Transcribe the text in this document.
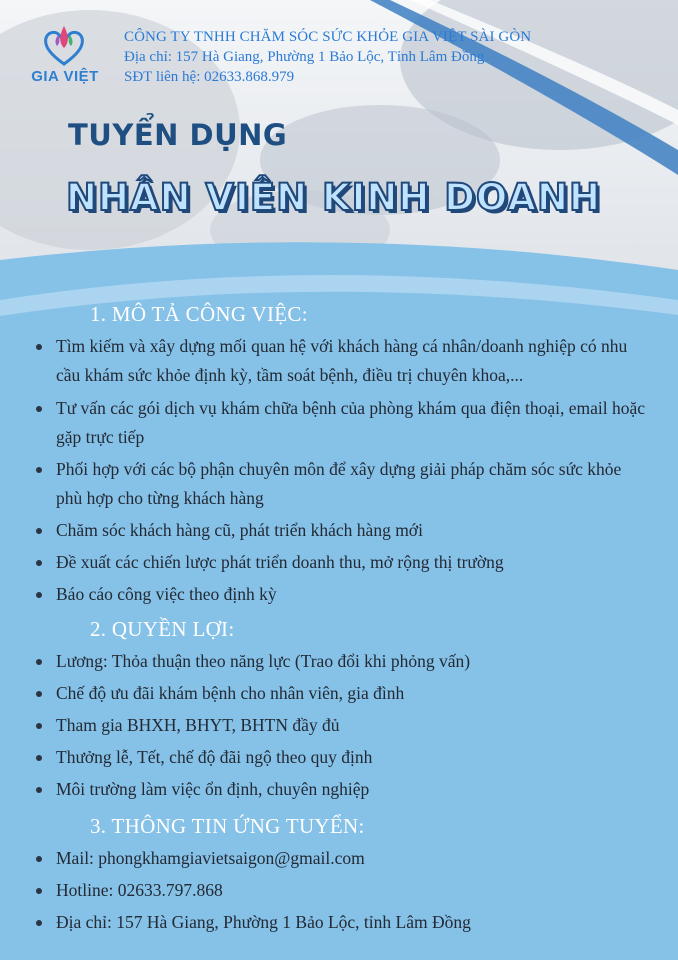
GIA VIỆT
CÔNG TY TNHH CHĂM SÓC SỨC KHỎE GIA VIỆT SÀI GÒN
Địa chỉ: 157 Hà Giang, Phường 1 Bảo Lộc, Tỉnh Lâm Đồng
SĐT liên hệ: 02633.868.979
TUYỂN DỤNG
NHÂN VIÊN KINH DOANH
1. MÔ TẢ CÔNG VIỆC:
Tìm kiếm và xây dựng mối quan hệ với khách hàng cá nhân/doanh nghiệp có nhu cầu khám sức khỏe định kỳ, tầm soát bệnh, điều trị chuyên khoa,...
Tư vấn các gói dịch vụ khám chữa bệnh của phòng khám qua điện thoại, email hoặc gặp trực tiếp
Phối hợp với các bộ phận chuyên môn để xây dựng giải pháp chăm sóc sức khỏe phù hợp cho từng khách hàng
Chăm sóc khách hàng cũ, phát triển khách hàng mới
Đề xuất các chiến lược phát triển doanh thu, mở rộng thị trường
Báo cáo công việc theo định kỳ
2. QUYỀN LỢI:
Lương: Thỏa thuận theo năng lực (Trao đổi khi phỏng vấn)
Chế độ ưu đãi khám bệnh cho nhân viên, gia đình
Tham gia BHXH, BHYT, BHTN đầy đủ
Thưởng lễ, Tết, chế độ đãi ngộ theo quy định
Môi trường làm việc ổn định, chuyên nghiệp
3. THÔNG TIN ỨNG TUYỂN:
Mail: phongkhamgiavietsaigon@gmail.com
Hotline: 02633.797.868
Địa chỉ: 157 Hà Giang, Phường 1 Bảo Lộc, tỉnh Lâm Đồng
